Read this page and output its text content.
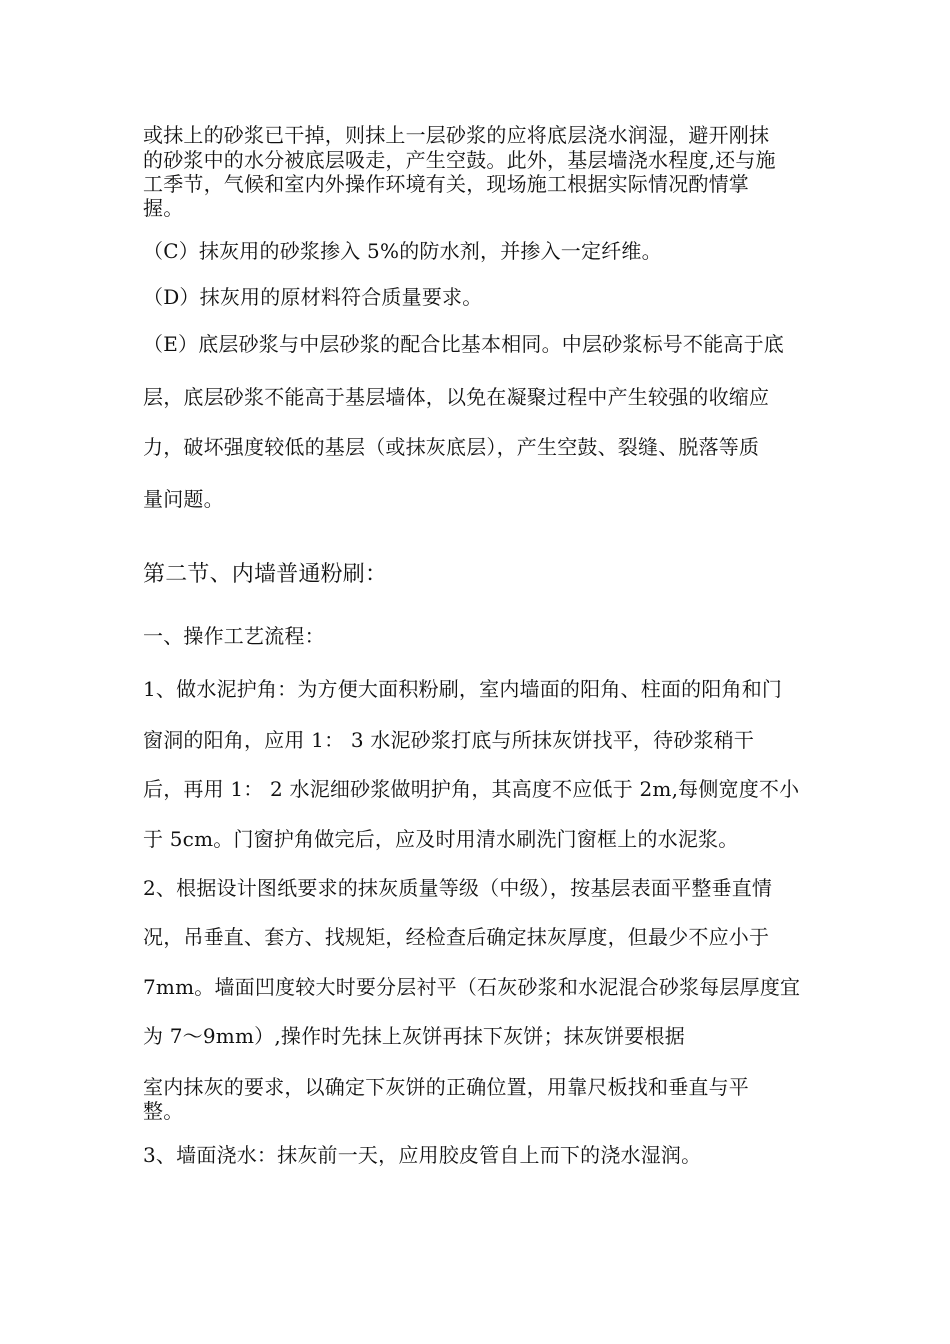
或抹上的砂浆已干掉，则抹上一层砂浆的应将底层浇水润湿，避开刚抹
的砂浆中的水分被底层吸走，产生空鼓。此外，基层墙浇水程度,还与施
工季节，气候和室内外操作环境有关，现场施工根据实际情况酌情掌
握。
（C）抹灰用的砂浆掺入 5%的防水剂，并掺入一定纤维。
（D）抹灰用的原材料符合质量要求。
（E）底层砂浆与中层砂浆的配合比基本相同。中层砂浆标号不能高于底
层，底层砂浆不能高于基层墙体，以免在凝聚过程中产生较强的收缩应
力，破坏强度较低的基层（或抹灰底层），产生空鼓、裂缝、脱落等质
量问题。
第二节、内墙普通粉刷：
一、操作工艺流程：
1、做水泥护角：为方便大面积粉刷，室内墙面的阳角、柱面的阳角和门
窗洞的阳角，应用 1： 3 水泥砂浆打底与所抹灰饼找平，待砂浆稍干
后，再用 1： 2 水泥细砂浆做明护角，其高度不应低于 2m,每侧宽度不小
于 5cm。门窗护角做完后，应及时用清水刷洗门窗框上的水泥浆。
2、根据设计图纸要求的抹灰质量等级（中级），按基层表面平整垂直情
况，吊垂直、套方、找规矩，经检查后确定抹灰厚度，但最少不应小于
7mm。墙面凹度较大时要分层衬平（石灰砂浆和水泥混合砂浆每层厚度宜
为 7～9mm）,操作时先抹上灰饼再抹下灰饼；抹灰饼要根据
室内抹灰的要求，以确定下灰饼的正确位置，用靠尺板找和垂直与平
整。
3、墙面浇水：抹灰前一天，应用胶皮管自上而下的浇水湿润。
